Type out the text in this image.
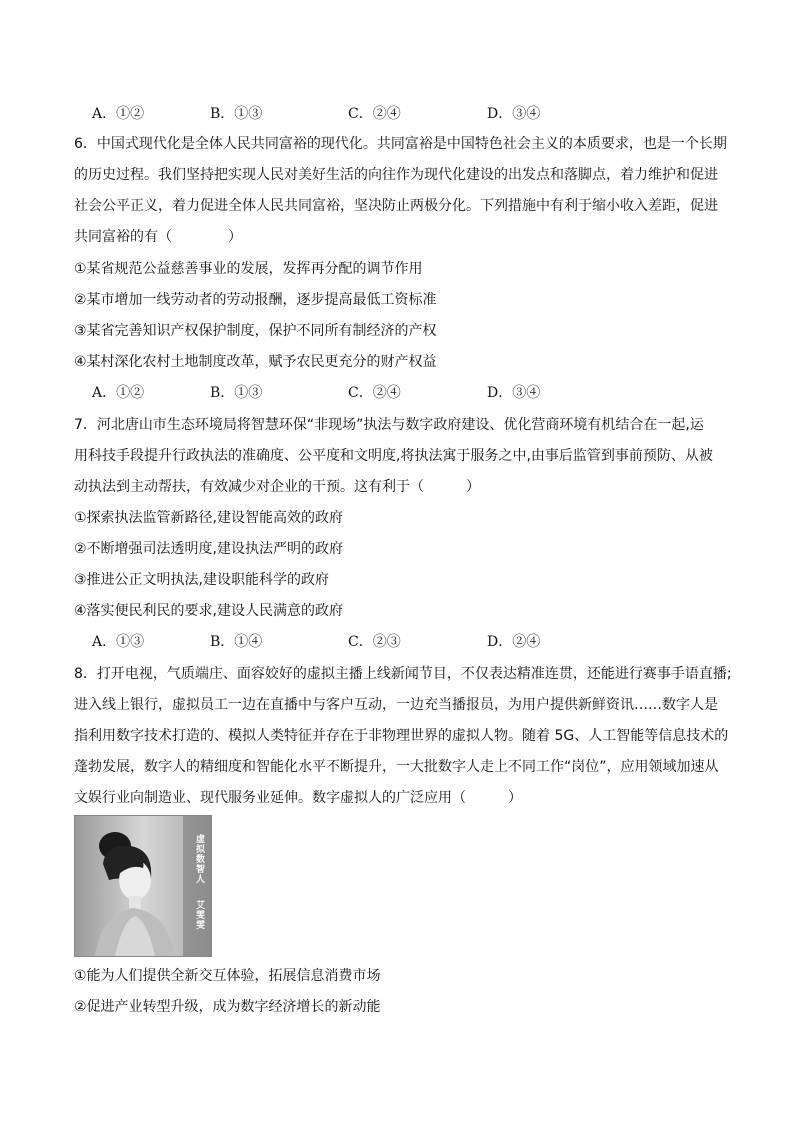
A．①②	B．①③	C．②④	D．③④
6．中国式现代化是全体人民共同富裕的现代化。共同富裕是中国特色社会主义的本质要求，也是一个长期
的历史过程。我们坚持把实现人民对美好生活的向往作为现代化建设的出发点和落脚点，着力维护和促进
社会公平正义，着力促进全体人民共同富裕，坚决防止两极分化。下列措施中有利于缩小收入差距，促进
共同富裕的有（　　　　）
①某省规范公益慈善事业的发展，发挥再分配的调节作用
②某市增加一线劳动者的劳动报酬，逐步提高最低工资标准
③某省完善知识产权保护制度，保护不同所有制经济的产权
④某村深化农村土地制度改革，赋予农民更充分的财产权益
A．①②	B．①③	C．②④	D．③④
7．河北唐山市生态环境局将智慧环保“非现场”执法与数字政府建设、优化营商环境有机结合在一起,运
用科技手段提升行政执法的准确度、公平度和文明度,将执法寓于服务之中,由事后监管到事前预防、从被
动执法到主动帮扶，有效减少对企业的干预。这有利于（　　　）
①探索执法监管新路径,建设智能高效的政府
②不断增强司法透明度,建设执法严明的政府
③推进公正文明执法,建设职能科学的政府
④落实便民利民的要求,建设人民满意的政府
A．①③	B．①④	C．②③	D．②④
8．打开电视，气质端庄、面容姣好的虚拟主播上线新闻节目，不仅表达精准连贯，还能进行赛事手语直播;
进入线上银行，虚拟员工一边在直播中与客户互动，一边充当播报员，为用户提供新鲜资讯……数字人是
指利用数字技术打造的、模拟人类特征并存在于非物理世界的虚拟人物。随着 5G、人工智能等信息技术的
蓬勃发展，数字人的精细度和智能化水平不断提升，一大批数字人走上不同工作“岗位”，应用领域加速从
文娱行业向制造业、现代服务业延伸。数字虚拟人的广泛应用（　　　）
虚拟数智人
艾雯雯
①能为人们提供全新交互体验，拓展信息消费市场
②促进产业转型升级，成为数字经济增长的新动能
